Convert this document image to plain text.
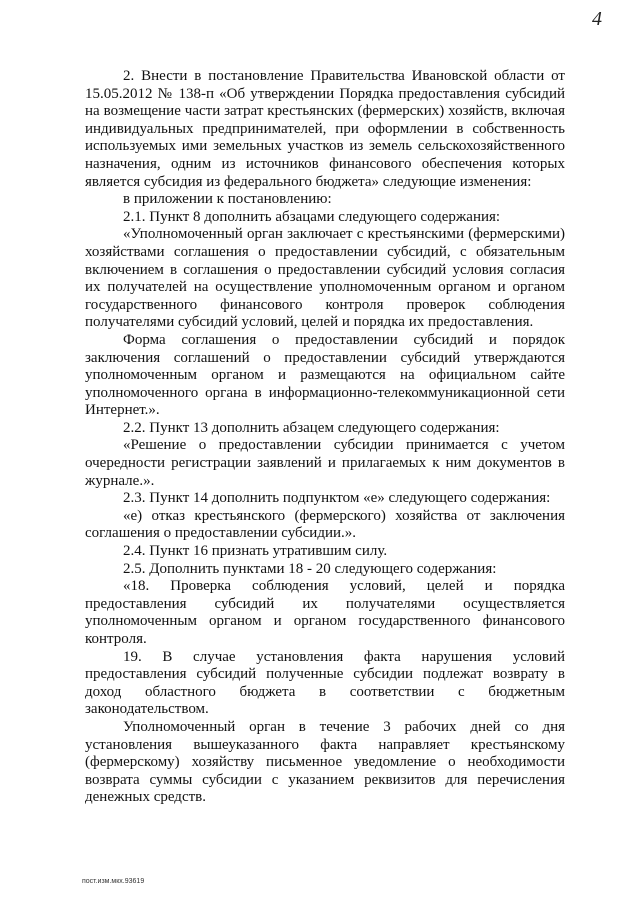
4

2. Внести в постановление Правительства Ивановской области от 15.05.2012 № 138-п «Об утверждении Порядка предоставления субсидий на возмещение части затрат крестьянских (фермерских) хозяйств, включая индивидуальных предпринимателей, при оформлении в собственность используемых ими земельных участков из земель сельскохозяйственного назначения, одним из источников финансового обеспечения которых является субсидия из федерального бюджета» следующие изменения:

в приложении к постановлению:

2.1. Пункт 8 дополнить абзацами следующего содержания:

«Уполномоченный орган заключает с крестьянскими (фермерскими) хозяйствами соглашения о предоставлении субсидий, с обязательным включением в соглашения о предоставлении субсидий условия согласия их получателей на осуществление уполномоченным органом и органом государственного финансового контроля проверок соблюдения получателями субсидий условий, целей и порядка их предоставления.

Форма соглашения о предоставлении субсидий и порядок заключения соглашений о предоставлении субсидий утверждаются уполномоченным органом и размещаются на официальном сайте уполномоченного органа в информационно-телекоммуникационной сети Интернет.».

2.2. Пункт 13 дополнить абзацем следующего содержания:

«Решение о предоставлении субсидии принимается с учетом очередности регистрации заявлений и прилагаемых к ним документов в журнале.».

2.3. Пункт 14 дополнить подпунктом «е» следующего содержания:

«е) отказ крестьянского (фермерского) хозяйства от заключения соглашения о предоставлении субсидии.».

2.4. Пункт 16 признать утратившим силу.

2.5. Дополнить пунктами 18 - 20 следующего содержания:

«18. Проверка соблюдения условий, целей и порядка предоставления субсидий их получателями осуществляется уполномоченным органом и органом государственного финансового контроля.

19. В случае установления факта нарушения условий предоставления субсидий полученные субсидии подлежат возврату в доход областного бюджета в соответствии с бюджетным законодательством.

Уполномоченный орган в течение 3 рабочих дней со дня установления вышеуказанного факта направляет крестьянскому (фермерскому) хозяйству письменное уведомление о необходимости возврата суммы субсидии с указанием реквизитов для перечисления денежных средств.

пост.изм.мкх.93619
